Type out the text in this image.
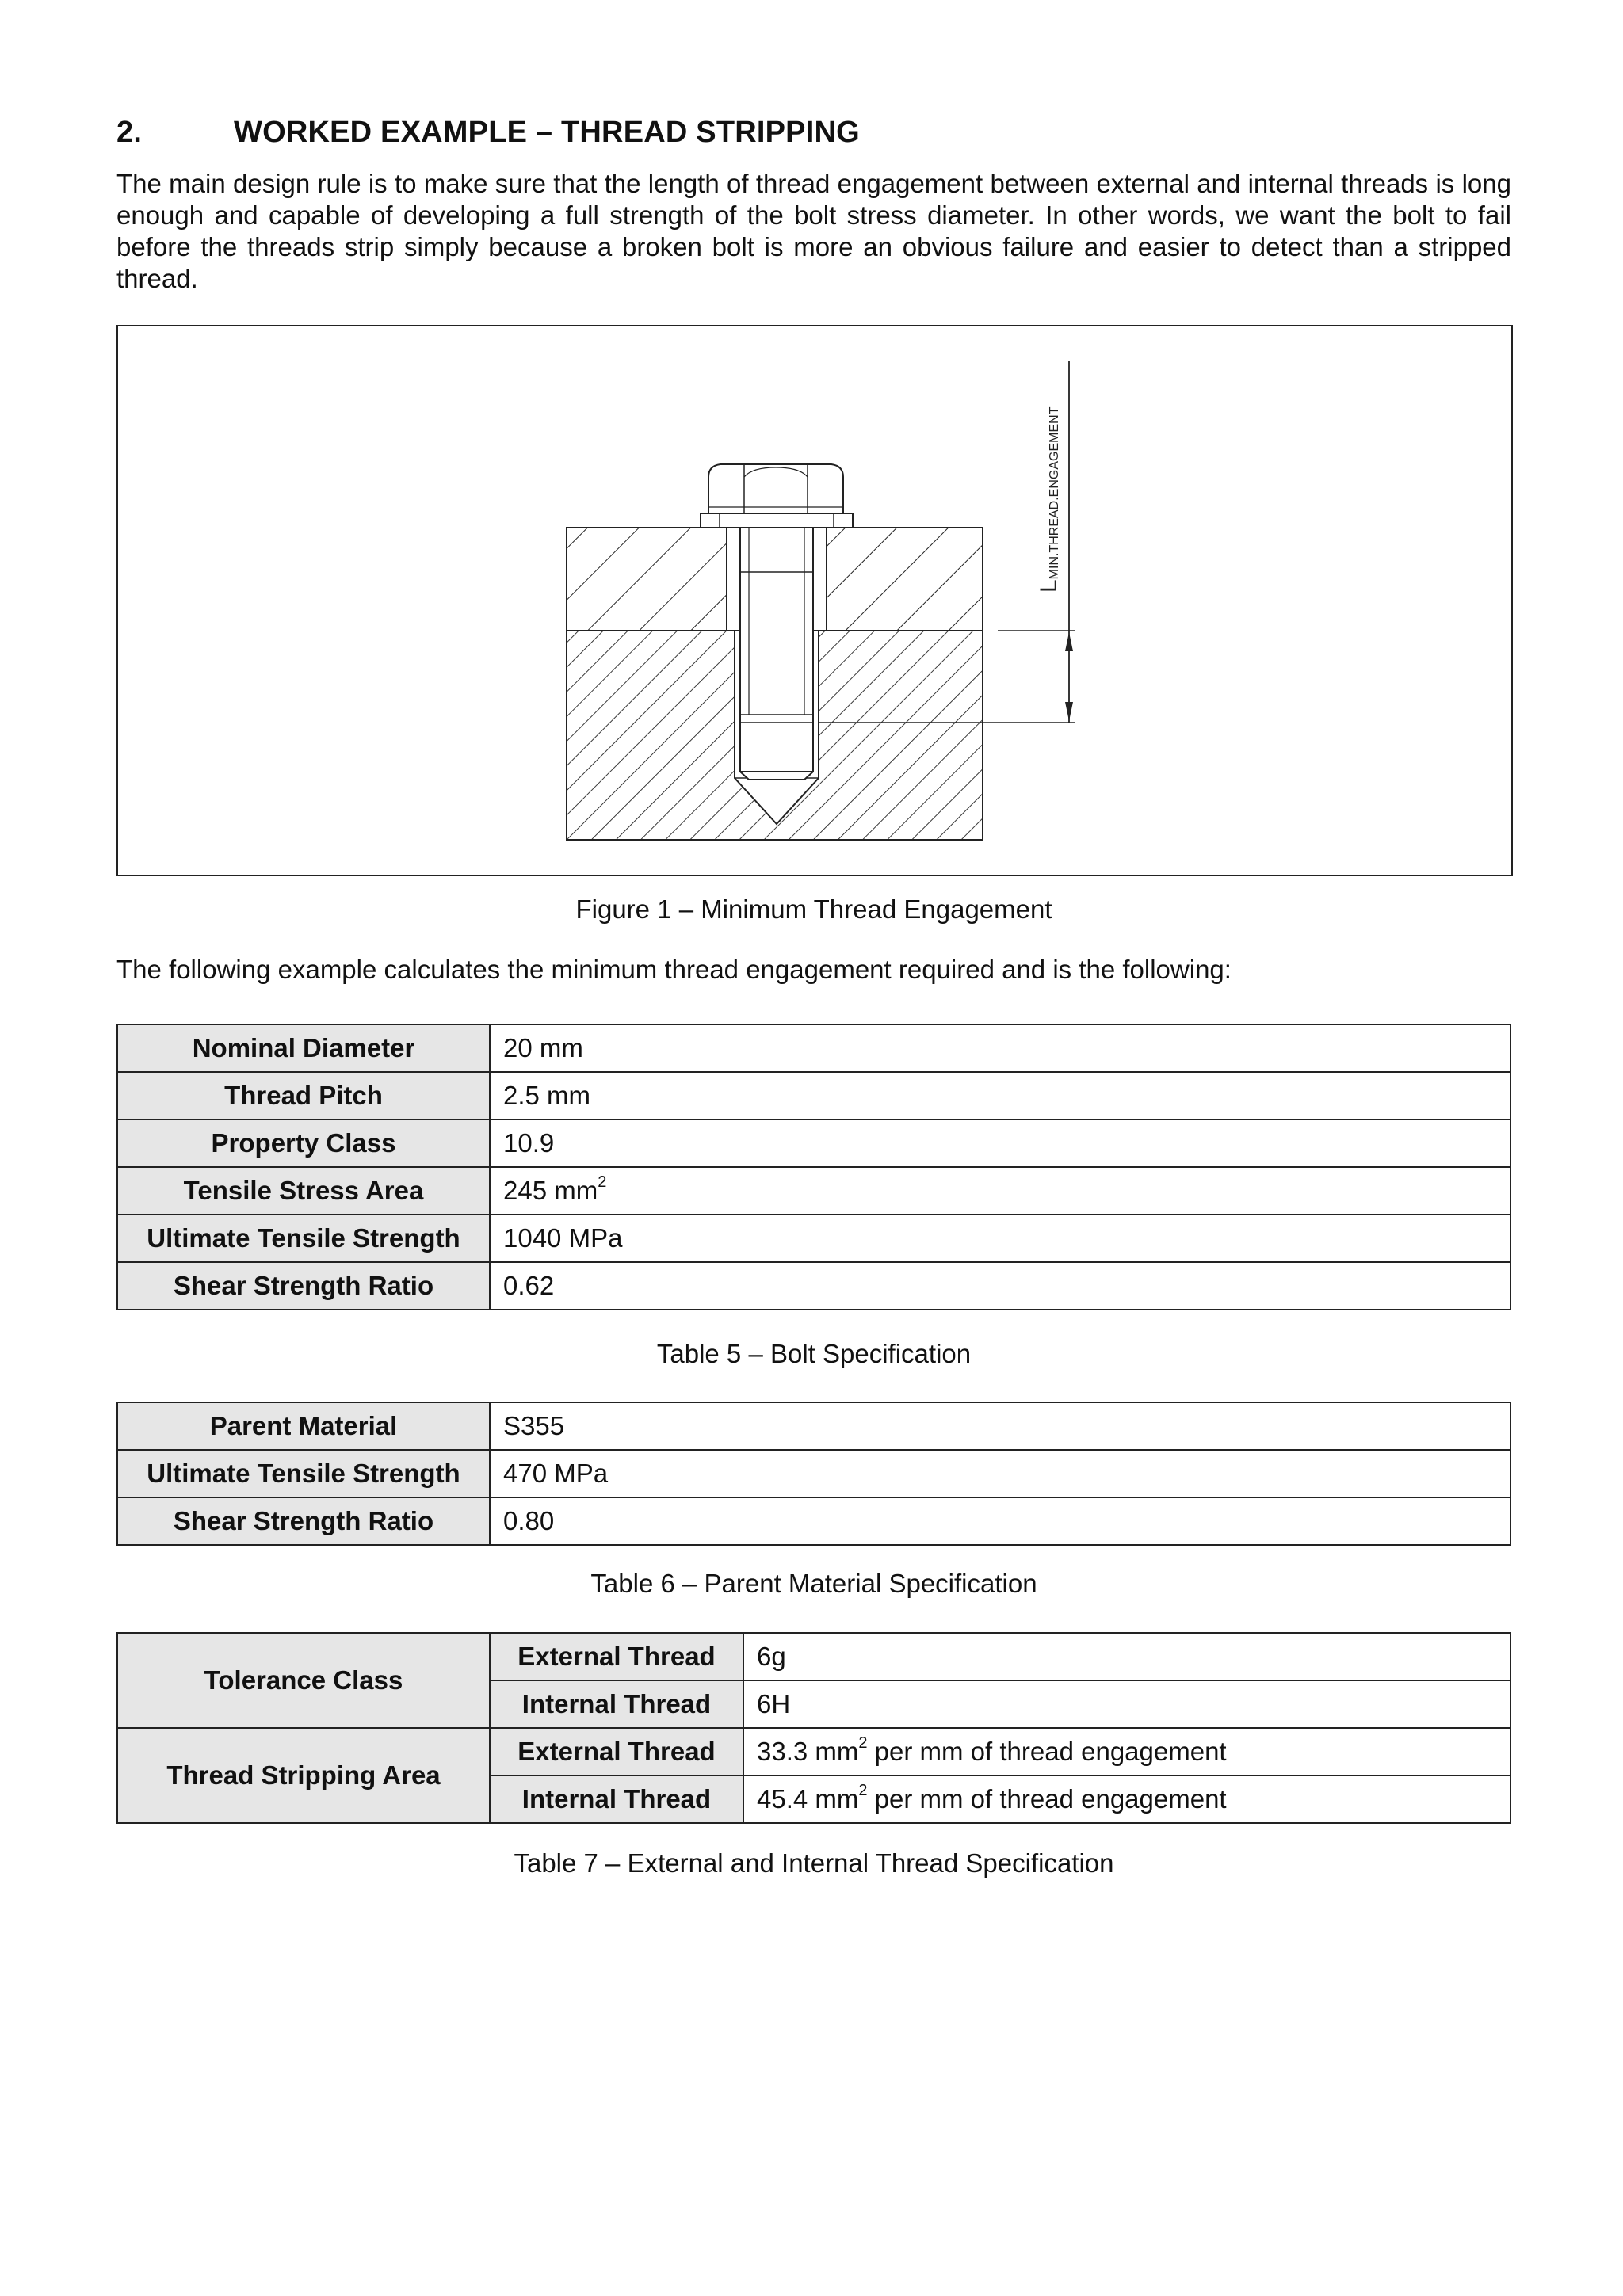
2.	WORKED EXAMPLE – THREAD STRIPPING

The main design rule is to make sure that the length of thread engagement between external and internal threads is long enough and capable of developing a full strength of the bolt stress diameter. In other words, we want the bolt to fail before the threads strip simply because a broken bolt is more an obvious failure and easier to detect than a stripped thread.

LMIN.THREAD.ENGAGEMENT
Figure 1 – Minimum Thread Engagement

The following example calculates the minimum thread engagement required and is the following:

Nominal Diameter	20 mm
Thread Pitch	2.5 mm
Property Class	10.9
Tensile Stress Area	245 $mm^2$
Ultimate Tensile Strength	1040 MPa
Shear Strength Ratio	0.62
Table 5 – Bolt Specification
Parent Material	S355
Ultimate Tensile Strength	470 MPa
Shear Strength Ratio	0.80
Table 6 – Parent Material Specification
Tolerance Class	External Thread	6g
	Internal Thread	6H
Thread Stripping Area	External Thread	33.3 $mm^2$ per mm of thread engagement
	Internal Thread	45.4 $mm^2$ per mm of thread engagement
Table 7 – External and Internal Thread Specification
